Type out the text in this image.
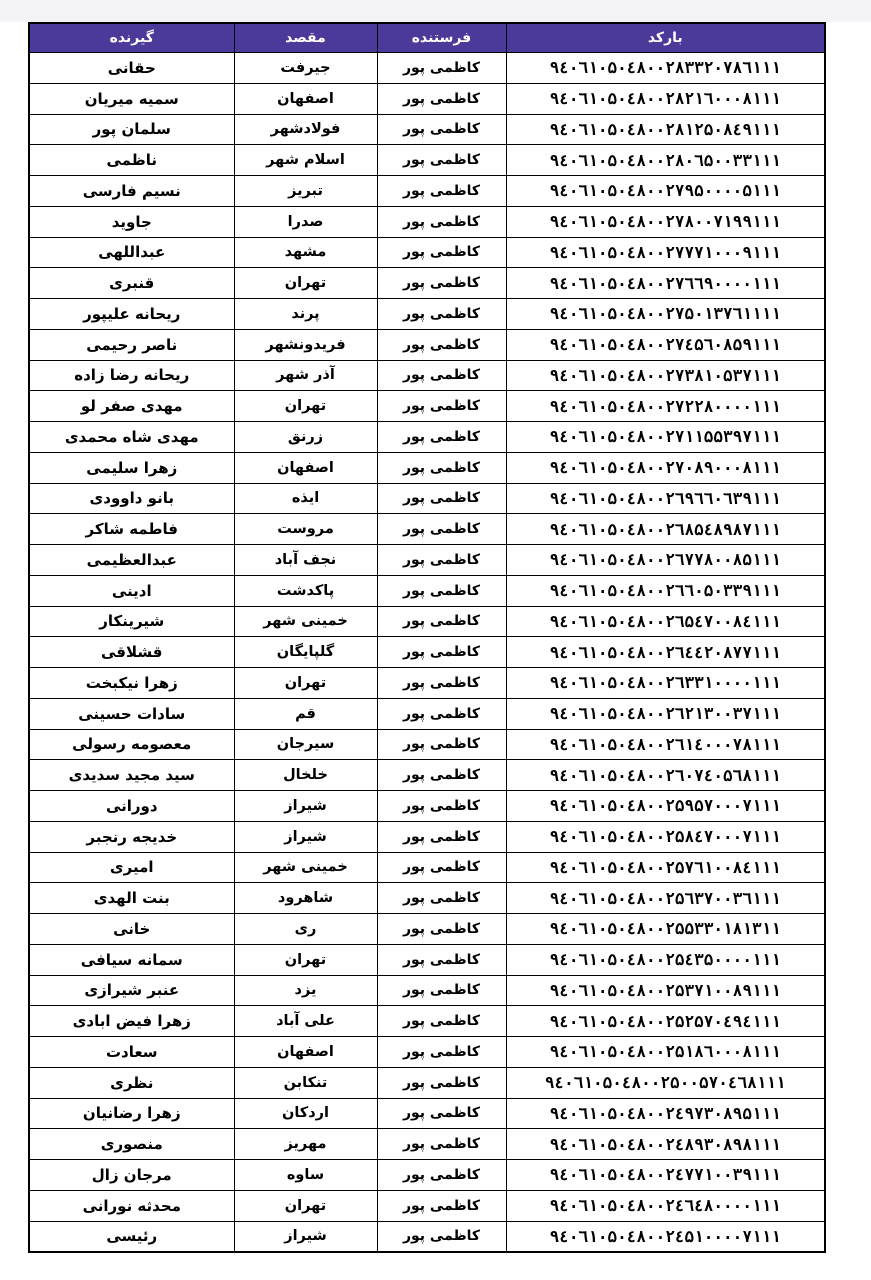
بارکد	فرستنده	مقصد	گیرنده
۹٤۰٦۱۰۵۰٤۸۰۰۲۸۳۳۲۰۷۸٦۱۱۱	کاظمی پور	جیرفت	حقانی
۹٤۰٦۱۰۵۰٤۸۰۰۲۸۲۱٦۰۰۰۸۱۱۱	کاظمی پور	اصفهان	سمیه میریان
۹٤۰٦۱۰۵۰٤۸۰۰۲۸۱۲۵۰۸٤۹۱۱۱	کاظمی پور	فولادشهر	سلمان پور
۹٤۰٦۱۰۵۰٤۸۰۰۲۸۰٦۵۰۰۳۳۱۱۱	کاظمی پور	اسلام شهر	ناظمی
۹٤۰٦۱۰۵۰٤۸۰۰۲۷۹۵۰۰۰۰۵۱۱۱	کاظمی پور	تبریز	نسیم فارسی
۹٤۰٦۱۰۵۰٤۸۰۰۲۷۸۰۰۷۱۹۹۱۱۱	کاظمی پور	صدرا	جاوید
۹٤۰٦۱۰۵۰٤۸۰۰۲۷۷۷۱۰۰۰۹۱۱۱	کاظمی پور	مشهد	عبداللهی
۹٤۰٦۱۰۵۰٤۸۰۰۲۷٦٦۹۰۰۰۰۱۱۱	کاظمی پور	تهران	قنبری
۹٤۰٦۱۰۵۰٤۸۰۰۲۷۵۰۱۳۷٦۱۱۱۱	کاظمی پور	پرند	ریحانه علیپور
۹٤۰٦۱۰۵۰٤۸۰۰۲۷٤۵٦۰۸۵۹۱۱۱	کاظمی پور	فریدونشهر	ناصر رحیمی
۹٤۰٦۱۰۵۰٤۸۰۰۲۷۳۸۱۰۵۳۷۱۱۱	کاظمی پور	آذر شهر	ریحانه رضا زاده
۹٤۰٦۱۰۵۰٤۸۰۰۲۷۲۲۸۰۰۰۰۱۱۱	کاظمی پور	تهران	مهدی صفر لو
۹٤۰٦۱۰۵۰٤۸۰۰۲۷۱۱۵۵۳۹۷۱۱۱	کاظمی پور	زرنق	مهدی شاه محمدی
۹٤۰٦۱۰۵۰٤۸۰۰۲۷۰۸۹۰۰۰۸۱۱۱	کاظمی پور	اصفهان	زهرا سلیمی
۹٤۰٦۱۰۵۰٤۸۰۰۲٦۹٦٦۰٦۳۹۱۱۱	کاظمی پور	ایذه	بانو داوودی
۹٤۰٦۱۰۵۰٤۸۰۰۲٦۸۵٤۸۹۸۷۱۱۱	کاظمی پور	مروست	فاطمه شاکر
۹٤۰٦۱۰۵۰٤۸۰۰۲٦۷۷۸۰۰۸۵۱۱۱	کاظمی پور	نجف آباد	عبدالعظیمی
۹٤۰٦۱۰۵۰٤۸۰۰۲٦٦۰۵۰۳۳۹۱۱۱	کاظمی پور	پاکدشت	ادینی
۹٤۰٦۱۰۵۰٤۸۰۰۲٦۵٤۷۰۰۸٤۱۱۱	کاظمی پور	خمینی شهر	شیرینکار
۹٤۰٦۱۰۵۰٤۸۰۰۲٦٤٤۲۰۸۷۷۱۱۱	کاظمی پور	گلپایگان	قشلاقی
۹٤۰٦۱۰۵۰٤۸۰۰۲٦۳۳۱۰۰۰۰۱۱۱	کاظمی پور	تهران	زهرا نیکبخت
۹٤۰٦۱۰۵۰٤۸۰۰۲٦۲۱۳۰۰۳۷۱۱۱	کاظمی پور	قم	سادات حسینی
۹٤۰٦۱۰۵۰٤۸۰۰۲٦۱٤۰۰۰۷۸۱۱۱	کاظمی پور	سیرجان	معصومه رسولی
۹٤۰٦۱۰۵۰٤۸۰۰۲٦۰۷٤۰۵٦۸۱۱۱	کاظمی پور	خلخال	سید مجید سدیدی
۹٤۰٦۱۰۵۰٤۸۰۰۲۵۹۵۷۰۰۰۷۱۱۱	کاظمی پور	شیراز	دورانی
۹٤۰٦۱۰۵۰٤۸۰۰۲۵۸٤۷۰۰۰۷۱۱۱	کاظمی پور	شیراز	خدیجه رنجبر
۹٤۰٦۱۰۵۰٤۸۰۰۲۵۷٦۱۰۰۸٤۱۱۱	کاظمی پور	خمینی شهر	امیری
۹٤۰٦۱۰۵۰٤۸۰۰۲۵٦۳۷۰۰۳٦۱۱۱	کاظمی پور	شاهرود	بنت الهدی
۹٤۰٦۱۰۵۰٤۸۰۰۲۵۵۳۳۰۱۸۱۳۱۱	کاظمی پور	ری	خانی
۹٤۰٦۱۰۵۰٤۸۰۰۲۵٤۳۵۰۰۰۰۱۱۱	کاظمی پور	تهران	سمانه سیافی
۹٤۰٦۱۰۵۰٤۸۰۰۲۵۳۷۱۰۰۸۹۱۱۱	کاظمی پور	یزد	عنبر شیرازی
۹٤۰٦۱۰۵۰٤۸۰۰۲۵۲۵۷۰٤۹٤۱۱۱	کاظمی پور	علی آباد	زهرا فیض ابادی
۹٤۰٦۱۰۵۰٤۸۰۰۲۵۱۸٦۰۰۰۸۱۱۱	کاظمی پور	اصفهان	سعادت
۹٤۰٦۱۰۵۰٤۸۰۰۲۵۰۰۵۷۰٤٦۸۱۱۱	کاظمی پور	تنکابن	نظری
۹٤۰٦۱۰۵۰٤۸۰۰۲٤۹۷۳۰۸۹۵۱۱۱	کاظمی پور	اردکان	زهرا رضانیان
۹٤۰٦۱۰۵۰٤۸۰۰۲٤۸۹۳۰۸۹۸۱۱۱	کاظمی پور	مهریز	منصوری
۹٤۰٦۱۰۵۰٤۸۰۰۲٤۷۷۱۰۰۳۹۱۱۱	کاظمی پور	ساوه	مرجان زال
۹٤۰٦۱۰۵۰٤۸۰۰۲٤٦٤۸۰۰۰۰۱۱۱	کاظمی پور	تهران	محدثه نورانی
۹٤۰٦۱۰۵۰٤۸۰۰۲٤۵۱۰۰۰۰۷۱۱۱	کاظمی پور	شیراز	رئیسی
